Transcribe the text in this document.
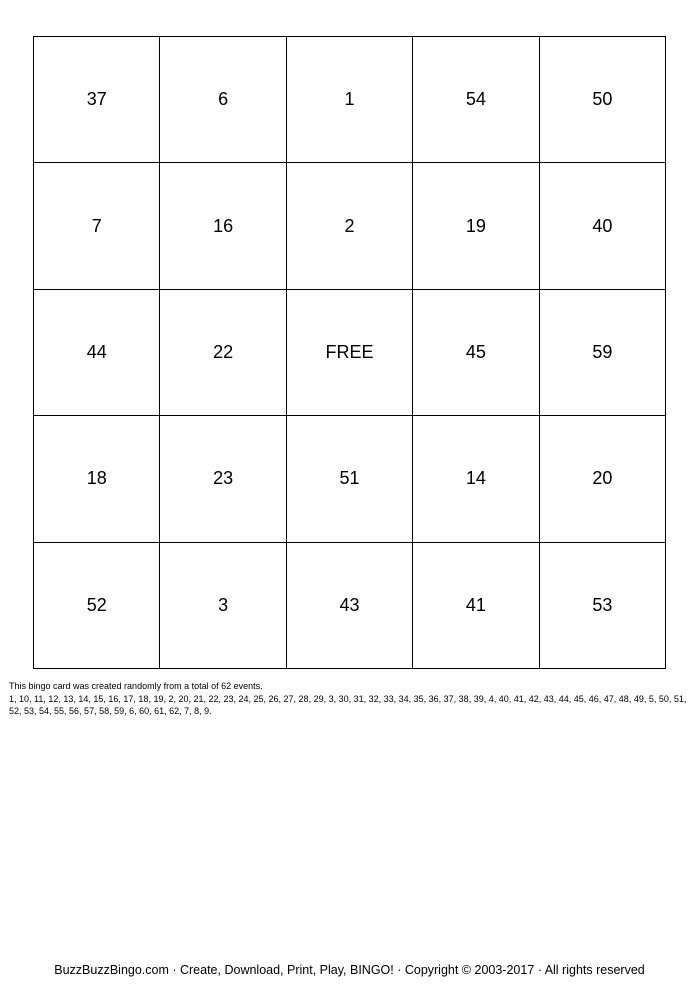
37	6	1	54	50
7	16	2	19	40
44	22	FREE	45	59
18	23	51	14	20
52	3	43	41	53

This bingo card was created randomly from a total of 62 events.

1, 10, 11, 12, 13, 14, 15, 16, 17, 18, 19, 2, 20, 21, 22, 23, 24, 25, 26, 27, 28, 29, 3, 30, 31, 32, 33, 34, 35, 36, 37, 38, 39, 4, 40, 41, 42, 43, 44, 45, 46, 47, 48, 49, 5, 50, 51, 52, 53, 54, 55, 56, 57, 58, 59, 6, 60, 61, 62, 7, 8, 9.

BuzzBuzzBingo.com · Create, Download, Print, Play, BINGO! · Copyright © 2003-2017 · All rights reserved
